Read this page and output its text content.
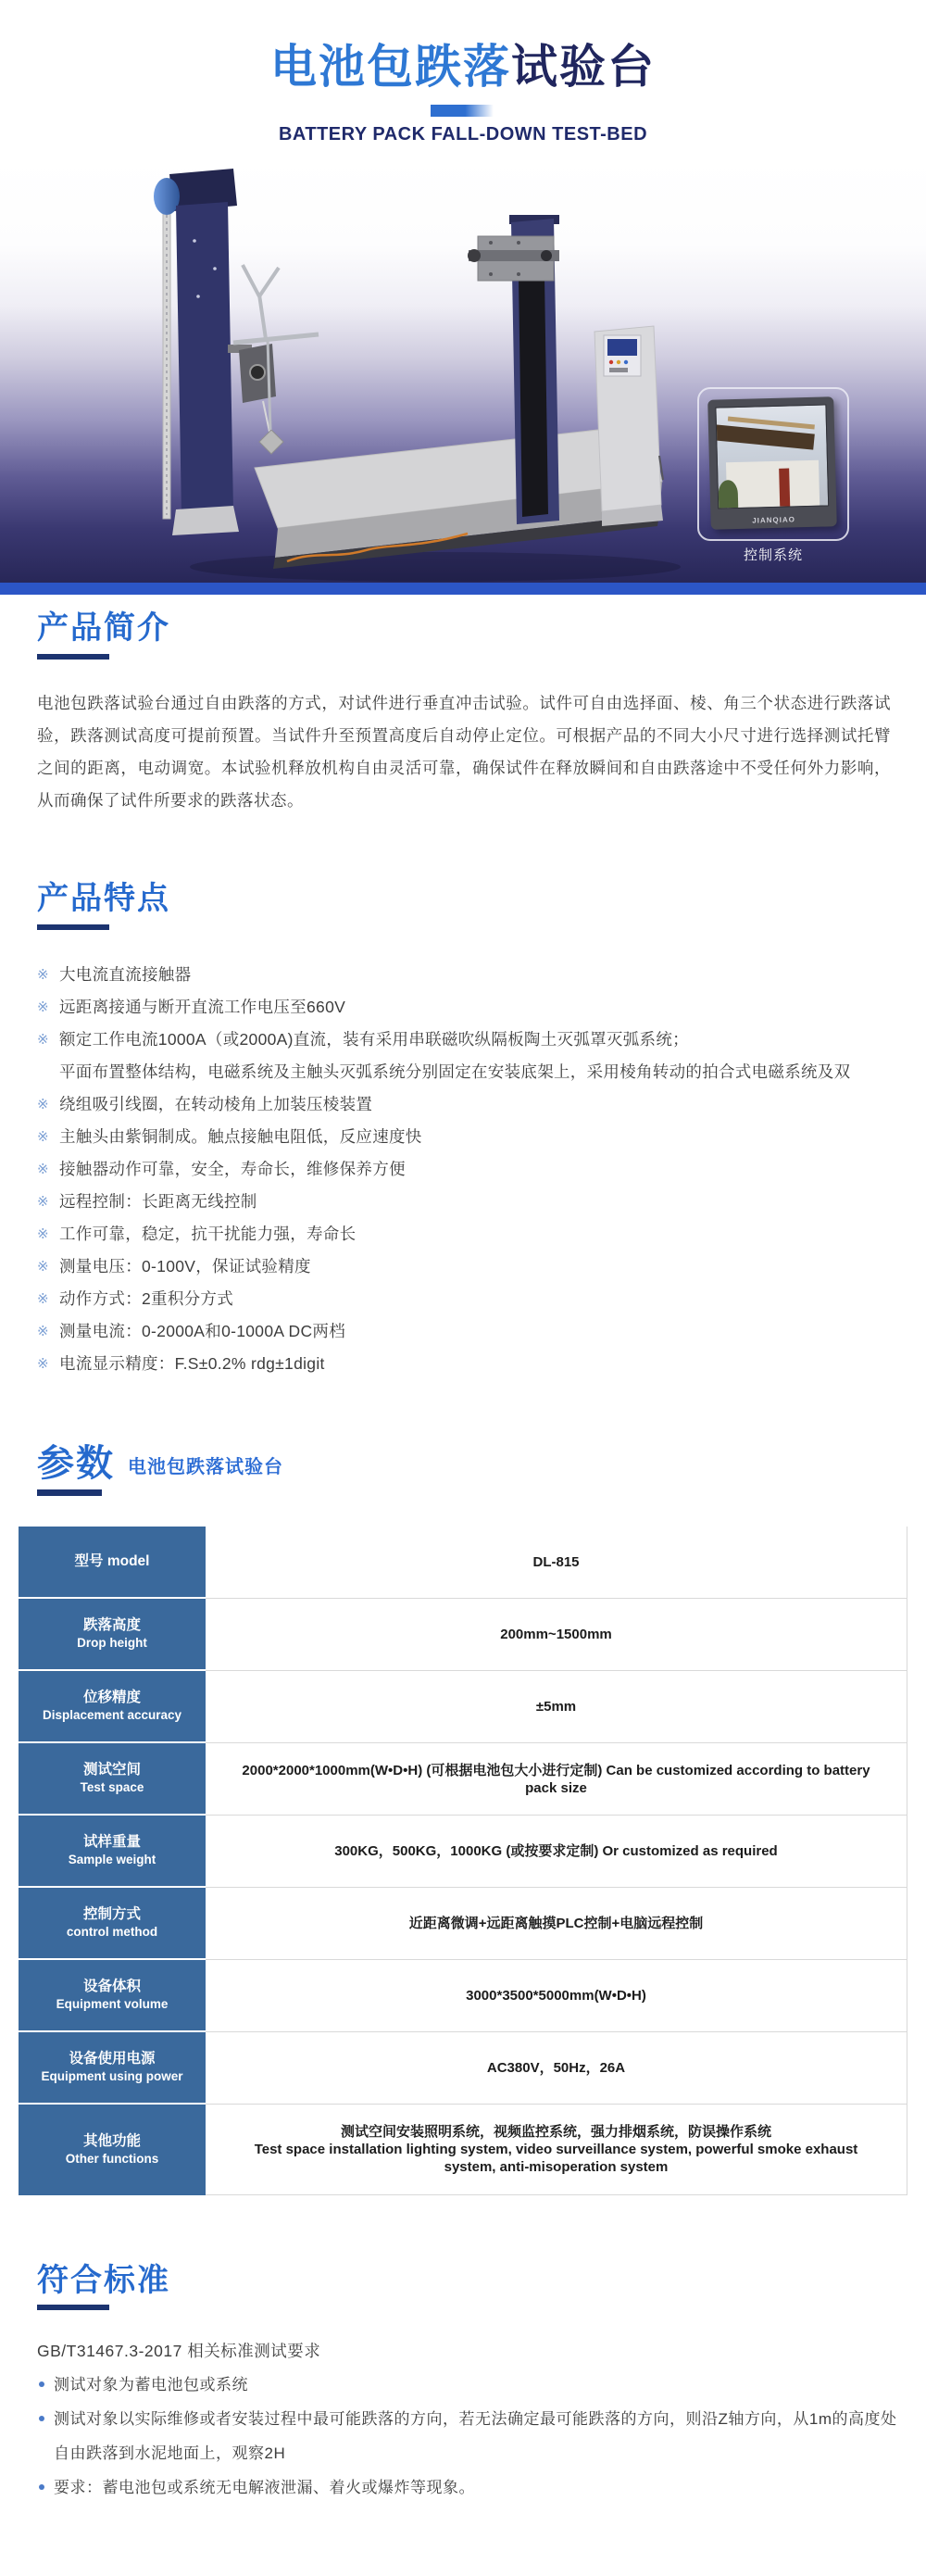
电池包跌落试验台
BATTERY PACK FALL-DOWN TEST-BED
JIANQIAO
控制系统
产品简介
电池包跌落试验台通过自由跌落的方式，对试件进行垂直冲击试验。试件可自由选择面、棱、角三个状态进行跌落试验，跌落测试高度可提前预置。当试件升至预置高度后自动停止定位。可根据产品的不同大小尺寸进行选择测试托臂之间的距离，电动调宽。本试验机释放机构自由灵活可靠，确保试件在释放瞬间和自由跌落途中不受任何外力影响，从而确保了试件所要求的跌落状态。
产品特点
※ 大电流直流接触器
※ 远距离接通与断开直流工作电压至660V
※ 额定工作电流1000A（或2000A)直流，装有采用串联磁吹纵隔板陶土灭弧罩灭弧系统；
平面布置整体结构，电磁系统及主触头灭弧系统分别固定在安装底架上，采用棱角转动的拍合式电磁系统及双
※ 绕组吸引线圈，在转动棱角上加装压棱装置
※ 主触头由紫铜制成。触点接触电阻低，反应速度快
※ 接触器动作可靠，安全，寿命长，维修保养方便
※ 远程控制：长距离无线控制
※ 工作可靠，稳定，抗干扰能力强，寿命长
※ 测量电压：0-100V，保证试验精度
※ 动作方式：2重积分方式
※ 测量电流：0-2000A和0-1000A DC两档
※ 电流显示精度：F.S±0.2% rdg±1digit
参数 电池包跌落试验台
型号 model	DL-815
跌落高度
Drop height
200mm~1500mm
位移精度
Displacement accuracy
±5mm
测试空间
Test space
2000*2000*1000mm(W•D•H) (可根据电池包大小进行定制) Can be customized according to battery pack size
试样重量
Sample weight
300KG，500KG，1000KG (或按要求定制) Or customized as required
控制方式
control method
近距离微调+远距离触摸PLC控制+电脑远程控制
设备体积
Equipment volume
3000*3500*5000mm(W•D•H)
设备使用电源
Equipment using power
AC380V，50Hz，26A
其他功能
Other functions
测试空间安装照明系统，视频监控系统，强力排烟系统，防误操作系统
Test space installation lighting system, video surveillance system, powerful smoke exhaust system, anti-misoperation system
符合标准
GB/T31467.3-2017 相关标准测试要求
测试对象为蓄电池包或系统
测试对象以实际维修或者安装过程中最可能跌落的方向，若无法确定最可能跌落的方向，则沿Z轴方向，从1m的高度处自由跌落到水泥地面上，观察2H
要求：蓄电池包或系统无电解液泄漏、着火或爆炸等现象。
